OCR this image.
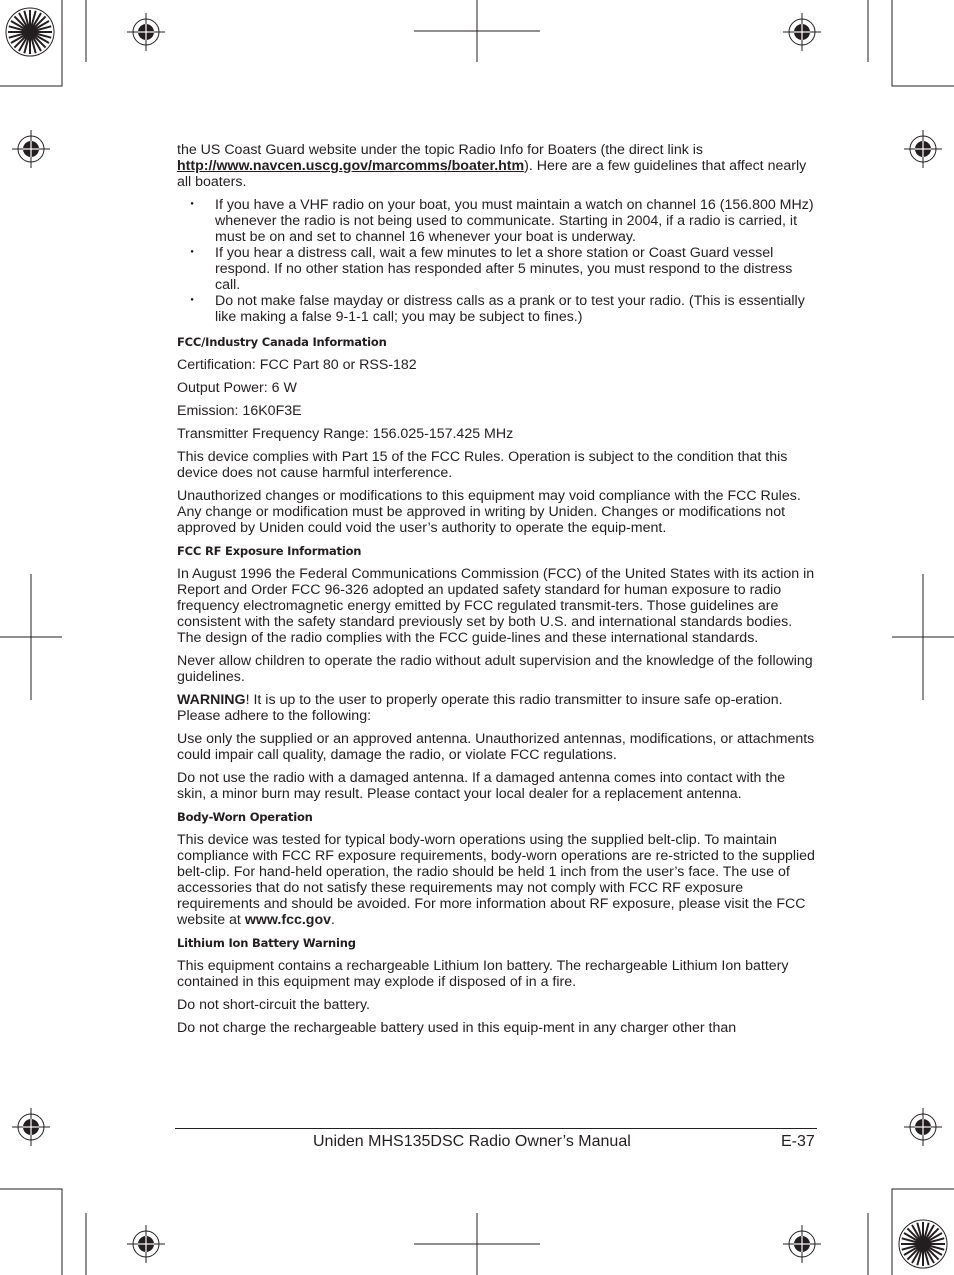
the US Coast Guard website under the topic Radio Info for Boaters (the direct link is http://www.navcen.uscg.gov/marcomms/boater.htm). Here are a few guidelines that affect nearly all boaters.

・ If you have a VHF radio on your boat, you must maintain a watch on channel 16 (156.800 MHz) whenever the radio is not being used to communicate. Starting in 2004, if a radio is carried, it must be on and set to channel 16 whenever your boat is underway.
・ If you hear a distress call, wait a few minutes to let a shore station or Coast Guard vessel respond. If no other station has responded after 5 minutes, you must respond to the distress call.
・ Do not make false mayday or distress calls as a prank or to test your radio. (This is essentially like making a false 9-1-1 call; you may be subject to fines.)
FCC/Industry Canada Information

Certification: FCC Part 80 or RSS-182

Output Power: 6 W

Emission: 16K0F3E

Transmitter Frequency Range: 156.025-157.425 MHz

This device complies with Part 15 of the FCC Rules. Operation is subject to the condition that this device does not cause harmful interference.

Unauthorized changes or modifications to this equipment may void compliance with the FCC Rules. Any change or modification must be approved in writing by Uniden. Changes or modifications not approved by Uniden could void the user’s authority to operate the equip-ment.

FCC RF Exposure Information

In August 1996 the Federal Communications Commission (FCC) of the United States with its action in Report and Order FCC 96-326 adopted an updated safety standard for human exposure to radio frequency electromagnetic energy emitted by FCC regulated transmit-ters. Those guidelines are consistent with the safety standard previously set by both U.S. and international standards bodies. The design of the radio complies with the FCC guide-lines and these international standards.

Never allow children to operate the radio without adult supervision and the knowledge of the following guidelines.

WARNING! It is up to the user to properly operate this radio transmitter to insure safe op-eration. Please adhere to the following:

Use only the supplied or an approved antenna. Unauthorized antennas, modifications, or attachments could impair call quality, damage the radio, or violate FCC regulations.

Do not use the radio with a damaged antenna. If a damaged antenna comes into contact with the skin, a minor burn may result. Please contact your local dealer for a replacement antenna.

Body-Worn Operation

This device was tested for typical body-worn operations using the supplied belt-clip. To maintain compliance with FCC RF exposure requirements, body-worn operations are re-stricted to the supplied belt-clip. For hand-held operation, the radio should be held 1 inch from the user’s face. The use of accessories that do not satisfy these requirements may not comply with FCC RF exposure requirements and should be avoided. For more information about RF exposure, please visit the FCC website at www.fcc.gov.

Lithium Ion Battery Warning

This equipment contains a rechargeable Lithium Ion battery. The rechargeable Lithium Ion battery contained in this equipment may explode if disposed of in a fire.

Do not short-circuit the battery.

Do not charge the rechargeable battery used in this equip-ment in any charger other than

Uniden MHS135DSC Radio Owner’s Manual	E-37
